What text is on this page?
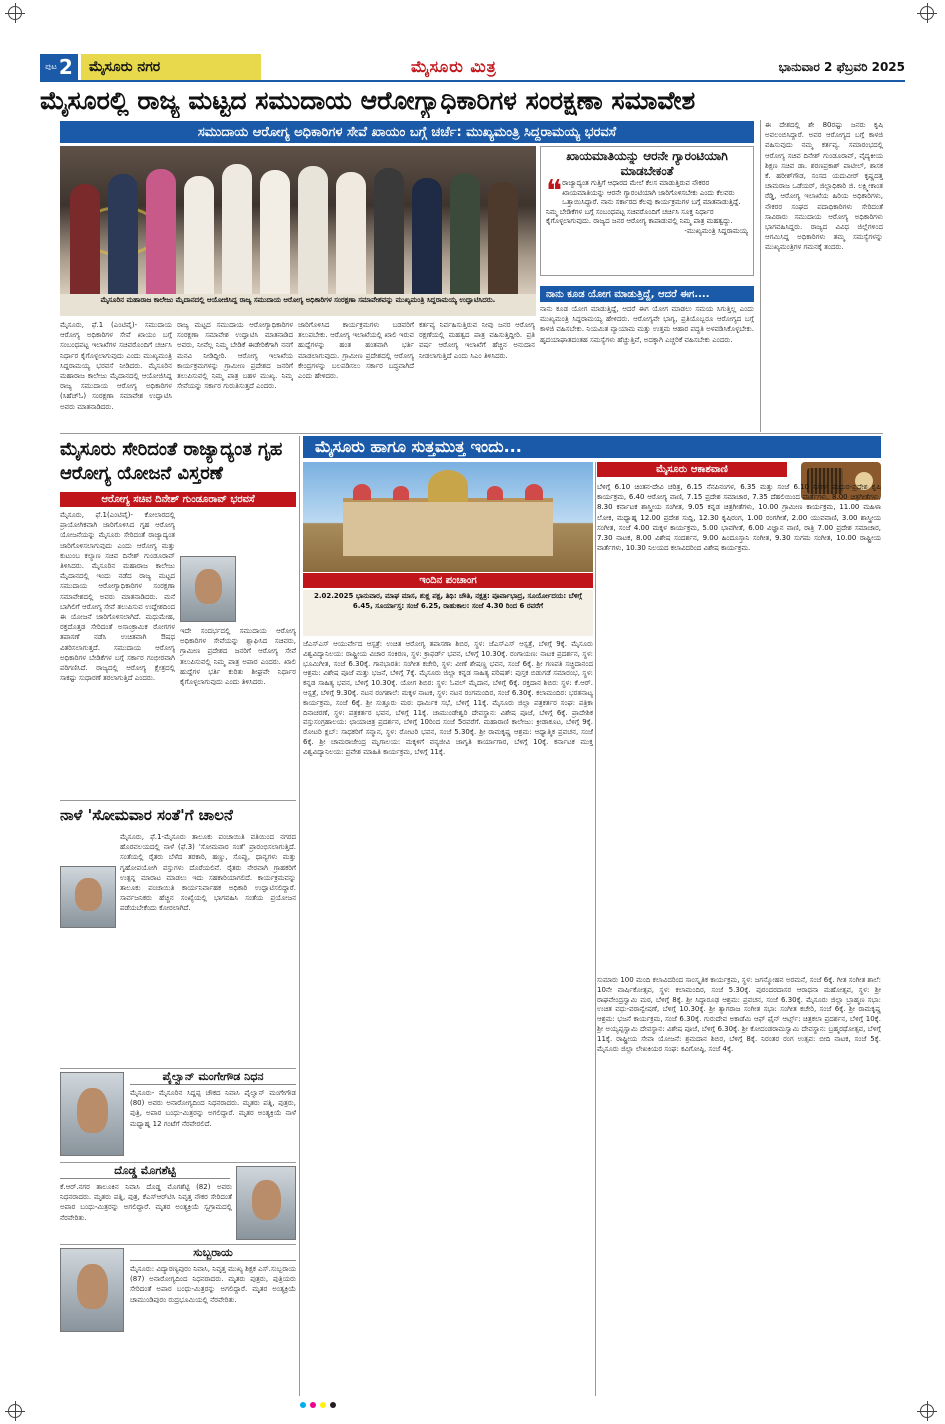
ಪುಟ 2	ಮೈಸೂರು ನಗರ	ಮೈಸೂರು ಮಿತ್ರ	ಭಾನುವಾರ 2 ಫೆಬ್ರವರಿ 2025
ಮೈಸೂರಲ್ಲಿ ರಾಜ್ಯ ಮಟ್ಟದ ಸಮುದಾಯ ಆರೋಗ್ಯಾಧಿಕಾರಿಗಳ ಸಂರಕ್ಷಣಾ ಸಮಾವೇಶ
ಸಮುದಾಯ ಆರೋಗ್ಯ ಅಧಿಕಾರಿಗಳ ಸೇವೆ ಖಾಯಂ ಬಗ್ಗೆ ಚರ್ಚೆ: ಮುಖ್ಯಮಂತ್ರಿ ಸಿದ್ದರಾಮಯ್ಯ ಭರವಸೆ
ಮೈಸೂರಿನ ಮಹಾರಾಜ ಕಾಲೇಜು ಮೈದಾನದಲ್ಲಿ ಆಯೋಜಿಸಿದ್ದ ರಾಜ್ಯ ಸಮುದಾಯ ಆರೋಗ್ಯ ಅಧಿಕಾರಿಗಳ ಸಂರಕ್ಷಣಾ ಸಮಾವೇಶವನ್ನು ಮುಖ್ಯಮಂತ್ರಿ ಸಿದ್ದರಾಮಯ್ಯ ಉದ್ಘಾಟಿಸಿದರು.
ಖಾಯಮಾತಿಯನ್ನು ಆರನೇ ಗ್ಯಾರಂಟಿಯಾಗಿ ಮಾಡಬೇಕಂತೆ
❝ ರಾಜ್ಯಾದ್ಯಂತ ಗುತ್ತಿಗೆ ಆಧಾರದ ಮೇಲೆ ಕೆಲಸ ಮಾಡುತ್ತಿರುವ ನೌಕರರ ಖಾಯಮಾತಿಯನ್ನು ಆರನೇ ಗ್ಯಾರಂಟಿಯಾಗಿ ಜಾರಿಗೊಳಿಸಬೇಕು ಎಂದು ಕೆಲವರು ಒತ್ತಾಯಿಸಿದ್ದಾರೆ. ನಾನು ಸರ್ಕಾರದ ಕೆಲವು ಕಾರ್ಯಕ್ರಮಗಳ ಬಗ್ಗೆ ಮಾತನಾಡುತ್ತಿದ್ದೆ. ನಿಮ್ಮ ಬೇಡಿಕೆಗಳ ಬಗ್ಗೆ ಸಂಬಂಧಪಟ್ಟ ಸಚಿವರೊಂದಿಗೆ ಚರ್ಚಿಸಿ ಸೂಕ್ತ ನಿರ್ಧಾರ ಕೈಗೊಳ್ಳಲಾಗುವುದು. ರಾಜ್ಯದ ಜನರ ಆರೋಗ್ಯ ಕಾಪಾಡುವಲ್ಲಿ ನಿಮ್ಮ ಪಾತ್ರ ಮಹತ್ವದ್ದು.
-ಮುಖ್ಯಮಂತ್ರಿ ಸಿದ್ದರಾಮಯ್ಯ
ನಾನು ಕೂಡ ಯೋಗ ಮಾಡುತ್ತಿದ್ದೆ, ಆದರೆ ಈಗ....
ನಾನು ಕೂಡ ಯೋಗ ಮಾಡುತ್ತಿದ್ದೆ, ಆದರೆ ಈಗ ಯೋಗ ಮಾಡಲು ಸಮಯ ಸಿಗುತ್ತಿಲ್ಲ ಎಂದು ಮುಖ್ಯಮಂತ್ರಿ ಸಿದ್ದರಾಮಯ್ಯ ಹೇಳಿದರು. ಆರೋಗ್ಯವೇ ಭಾಗ್ಯ, ಪ್ರತಿಯೊಬ್ಬರೂ ಆರೋಗ್ಯದ ಬಗ್ಗೆ ಕಾಳಜಿ ವಹಿಸಬೇಕು. ನಿಯಮಿತ ವ್ಯಾಯಾಮ ಮತ್ತು ಉತ್ತಮ ಆಹಾರ ಪದ್ಧತಿ ಅಳವಡಿಸಿಕೊಳ್ಳಬೇಕು. ಹೃದಯಾಘಾತದಂತಹ ಸಮಸ್ಯೆಗಳು ಹೆಚ್ಚುತ್ತಿವೆ, ಅದಕ್ಕಾಗಿ ಎಚ್ಚರಿಕೆ ವಹಿಸಬೇಕು ಎಂದರು.
ಮೈಸೂರು, ಫೆ.1 (ಎಂಟಿವೈ)- ಸಮುದಾಯ ಆರೋಗ್ಯ ಅಧಿಕಾರಿಗಳ ಸೇವೆ ಖಾಯಂ ಬಗ್ಗೆ ಸಂಬಂಧಪಟ್ಟ ಇಲಾಖೆಗಳ ಸಚಿವರೊಂದಿಗೆ ಚರ್ಚಿಸಿ ನಿರ್ಧಾರ ಕೈಗೊಳ್ಳಲಾಗುವುದು ಎಂದು ಮುಖ್ಯಮಂತ್ರಿ ಸಿದ್ದರಾಮಯ್ಯ ಭರವಸೆ ನೀಡಿದರು. ಮೈಸೂರಿನ ಮಹಾರಾಜ ಕಾಲೇಜು ಮೈದಾನದಲ್ಲಿ ಆಯೋಜಿಸಿದ್ದ ರಾಜ್ಯ ಸಮುದಾಯ ಆರೋಗ್ಯ ಅಧಿಕಾರಿಗಳ (ಸಿಹೆಚ್‌ಓ) ಸಂರಕ್ಷಣಾ ಸಮಾವೇಶ ಉದ್ಘಾಟಿಸಿ ಅವರು ಮಾತನಾಡಿದರು.
ರಾಜ್ಯ ಮಟ್ಟದ ಸಮುದಾಯ ಆರೋಗ್ಯಾಧಿಕಾರಿಗಳ ಸಂರಕ್ಷಣಾ ಸಮಾವೇಶ ಉದ್ಘಾಟಿಸಿ ಮಾತನಾಡಿದ ಅವರು, ನೀವೆಲ್ಲ ನಿಮ್ಮ ಬೇಡಿಕೆ ಈಡೇರಿಕೆಗಾಗಿ ನನಗೆ ಮನವಿ ನೀಡಿದ್ದೀರಿ. ಆರೋಗ್ಯ ಇಲಾಖೆಯ ಕಾರ್ಯಕ್ರಮಗಳನ್ನು ಗ್ರಾಮೀಣ ಪ್ರದೇಶದ ಜನರಿಗೆ ತಲುಪಿಸುವಲ್ಲಿ ನಿಮ್ಮ ಪಾತ್ರ ಬಹಳ ಮುಖ್ಯ. ನಿಮ್ಮ ಸೇವೆಯನ್ನು ಸರ್ಕಾರ ಗುರುತಿಸುತ್ತದೆ ಎಂದರು.
ಜಾರಿಗೊಳಿಸಿದ ಕಾರ್ಯಕ್ರಮಗಳು ಬಡವರಿಗೆ ತಲುಪಬೇಕು. ಆರೋಗ್ಯ ಇಲಾಖೆಯಲ್ಲಿ ಖಾಲಿ ಇರುವ ಹುದ್ದೆಗಳನ್ನು ಹಂತ ಹಂತವಾಗಿ ಭರ್ತಿ ಮಾಡಲಾಗುವುದು. ಗ್ರಾಮೀಣ ಪ್ರದೇಶದಲ್ಲಿ ಆರೋಗ್ಯ ಕೇಂದ್ರಗಳನ್ನು ಬಲಪಡಿಸಲು ಸರ್ಕಾರ ಬದ್ಧವಾಗಿದೆ ಎಂದು ಹೇಳಿದರು.
ಕರ್ತವ್ಯ ನಿರ್ವಹಿಸುತ್ತಿರುವ ನೀವು ಜನರ ಆರೋಗ್ಯ ರಕ್ಷಣೆಯಲ್ಲಿ ಮಹತ್ವದ ಪಾತ್ರ ವಹಿಸುತ್ತಿದ್ದೀರಿ. ಪ್ರತಿ ವರ್ಷ ಆರೋಗ್ಯ ಇಲಾಖೆಗೆ ಹೆಚ್ಚಿನ ಅನುದಾನ ನೀಡಲಾಗುತ್ತಿದೆ ಎಂದು ಸಿಎಂ ತಿಳಿಸಿದರು.
ಈ ದೇಶದಲ್ಲಿ ಶೇ 80ರಷ್ಟು ಜನರು ಕೃಷಿ ಅವಲಂಬಿಸಿದ್ದಾರೆ. ಅವರ ಆರೋಗ್ಯದ ಬಗ್ಗೆ ಕಾಳಜಿ ವಹಿಸುವುದು ನಮ್ಮ ಕರ್ತವ್ಯ. ಸಮಾರಂಭದಲ್ಲಿ ಆರೋಗ್ಯ ಸಚಿವ ದಿನೇಶ್ ಗುಂಡೂರಾವ್, ವೈದ್ಯಕೀಯ ಶಿಕ್ಷಣ ಸಚಿವ ಡಾ. ಶರಣಪ್ರಕಾಶ್ ಪಾಟೀಲ್, ಶಾಸಕ ಕೆ. ಹರೀಶ್‌ಗೌಡ, ಸಂಸದ ಯದುವೀರ್ ಕೃಷ್ಣದತ್ತ ಚಾಮರಾಜ ಒಡೆಯರ್, ಜಿಲ್ಲಾಧಿಕಾರಿ ಜಿ. ಲಕ್ಷ್ಮೀಕಾಂತ ರೆಡ್ಡಿ, ಆರೋಗ್ಯ ಇಲಾಖೆಯ ಹಿರಿಯ ಅಧಿಕಾರಿಗಳು, ನೌಕರರ ಸಂಘದ ಪದಾಧಿಕಾರಿಗಳು ಸೇರಿದಂತೆ ಸಾವಿರಾರು ಸಮುದಾಯ ಆರೋಗ್ಯ ಅಧಿಕಾರಿಗಳು ಭಾಗವಹಿಸಿದ್ದರು. ರಾಜ್ಯದ ವಿವಿಧ ಜಿಲ್ಲೆಗಳಿಂದ ಆಗಮಿಸಿದ್ದ ಅಧಿಕಾರಿಗಳು ತಮ್ಮ ಸಮಸ್ಯೆಗಳನ್ನು ಮುಖ್ಯಮಂತ್ರಿಗಳ ಗಮನಕ್ಕೆ ತಂದರು.
ಮೈಸೂರು ಸೇರಿದಂತೆ ರಾಜ್ಯಾದ್ಯಂತ ಗೃಹ ಆರೋಗ್ಯ ಯೋಜನೆ ವಿಸ್ತರಣೆ
ಆರೋಗ್ಯ ಸಚಿವ ದಿನೇಶ್ ಗುಂಡೂರಾವ್ ಭರವಸೆ
ಮೈಸೂರು, ಫೆ.1(ಎಂಟಿವೈ)- ಕೋಲಾರದಲ್ಲಿ ಪ್ರಾಯೋಗಿಕವಾಗಿ ಜಾರಿಗೊಳಿಸಿದ ಗೃಹ ಆರೋಗ್ಯ ಯೋಜನೆಯನ್ನು ಮೈಸೂರು ಸೇರಿದಂತೆ ರಾಜ್ಯಾದ್ಯಂತ ಜಾರಿಗೊಳಿಸಲಾಗುವುದು ಎಂದು ಆರೋಗ್ಯ ಮತ್ತು ಕುಟುಂಬ ಕಲ್ಯಾಣ ಸಚಿವ ದಿನೇಶ್ ಗುಂಡೂರಾವ್ ತಿಳಿಸಿದರು. ಮೈಸೂರಿನ ಮಹಾರಾಜ ಕಾಲೇಜು ಮೈದಾನದಲ್ಲಿ ಇಂದು ನಡೆದ ರಾಜ್ಯ ಮಟ್ಟದ ಸಮುದಾಯ ಆರೋಗ್ಯಾಧಿಕಾರಿಗಳ ಸಂರಕ್ಷಣಾ ಸಮಾವೇಶದಲ್ಲಿ ಅವರು ಮಾತನಾಡಿದರು. ಮನೆ ಬಾಗಿಲಿಗೆ ಆರೋಗ್ಯ ಸೇವೆ ತಲುಪಿಸುವ ಉದ್ದೇಶದಿಂದ ಈ ಯೋಜನೆ ಜಾರಿಗೊಳಿಸಲಾಗಿದೆ. ಮಧುಮೇಹ, ರಕ್ತದೊತ್ತಡ ಸೇರಿದಂತೆ ಅಸಾಂಕ್ರಾಮಿಕ ರೋಗಗಳ ತಪಾಸಣೆ ನಡೆಸಿ ಉಚಿತವಾಗಿ ಔಷಧ ವಿತರಿಸಲಾಗುತ್ತದೆ. ಸಮುದಾಯ ಆರೋಗ್ಯ ಅಧಿಕಾರಿಗಳ ಬೇಡಿಕೆಗಳ ಬಗ್ಗೆ ಸರ್ಕಾರ ಗಂಭೀರವಾಗಿ ಪರಿಗಣಿಸಿದೆ. ರಾಜ್ಯದಲ್ಲಿ ಆರೋಗ್ಯ ಕ್ಷೇತ್ರದಲ್ಲಿ ಸಾಕಷ್ಟು ಸುಧಾರಣೆ ತರಲಾಗುತ್ತಿದೆ ಎಂದರು.
ಇದೇ ಸಂದರ್ಭದಲ್ಲಿ ಸಮುದಾಯ ಆರೋಗ್ಯ ಅಧಿಕಾರಿಗಳ ಸೇವೆಯನ್ನು ಶ್ಲಾಘಿಸಿದ ಸಚಿವರು, ಗ್ರಾಮೀಣ ಪ್ರದೇಶದ ಜನರಿಗೆ ಆರೋಗ್ಯ ಸೇವೆ ತಲುಪಿಸುವಲ್ಲಿ ನಿಮ್ಮ ಪಾತ್ರ ಅಪಾರ ಎಂದರು. ಖಾಲಿ ಹುದ್ದೆಗಳ ಭರ್ತಿ ಕುರಿತು ಶೀಘ್ರವೇ ನಿರ್ಧಾರ ಕೈಗೊಳ್ಳಲಾಗುವುದು ಎಂದು ತಿಳಿಸಿದರು.
ನಾಳೆ 'ಸೋಮವಾರ ಸಂತೆ'ಗೆ ಚಾಲನೆ
ಮೈಸೂರು, ಫೆ.1-ಮೈಸೂರು ತಾಲೂಕು ಪಂಚಾಯಿತಿ ವತಿಯಿಂದ ನಗರದ ಹೊರವಲಯದಲ್ಲಿ ನಾಳೆ (ಫೆ.3) 'ಸೋಮವಾರ ಸಂತೆ' ಪ್ರಾರಂಭಿಸಲಾಗುತ್ತಿದೆ. ಸಂತೆಯಲ್ಲಿ ರೈತರು ಬೆಳೆದ ತರಕಾರಿ, ಹಣ್ಣು, ಸೊಪ್ಪು, ಧಾನ್ಯಗಳು ಮತ್ತು ಗೃಹೋಪಯೋಗಿ ವಸ್ತುಗಳು ದೊರೆಯಲಿವೆ. ರೈತರು ನೇರವಾಗಿ ಗ್ರಾಹಕರಿಗೆ ಉತ್ಪನ್ನ ಮಾರಾಟ ಮಾಡಲು ಇದು ಸಹಕಾರಿಯಾಗಲಿದೆ. ಕಾರ್ಯಕ್ರಮವನ್ನು ತಾಲೂಕು ಪಂಚಾಯಿತಿ ಕಾರ್ಯನಿರ್ವಾಹಕ ಅಧಿಕಾರಿ ಉದ್ಘಾಟಿಸಲಿದ್ದಾರೆ. ಸಾರ್ವಜನಿಕರು ಹೆಚ್ಚಿನ ಸಂಖ್ಯೆಯಲ್ಲಿ ಭಾಗವಹಿಸಿ ಸಂತೆಯ ಪ್ರಯೋಜನ ಪಡೆಯಬೇಕೆಂದು ಕೋರಲಾಗಿದೆ.
ಪೈಲ್ವಾನ್ ಮಂಗೇಗೌಡ ನಿಧನ
ಮೈಸೂರು- ಮೈಸೂರಿನ ಸಿದ್ದಪ್ಪ ಚೌಕದ ನಿವಾಸಿ ಪೈಲ್ವಾನ್ ಮಂಗೇಗೌಡ (80) ಅವರು ಅನಾರೋಗ್ಯದಿಂದ ನಿಧನರಾದರು. ಮೃತರು ಪತ್ನಿ, ಪುತ್ರರು, ಪುತ್ರಿ, ಅಪಾರ ಬಂಧು-ಮಿತ್ರರನ್ನು ಅಗಲಿದ್ದಾರೆ. ಮೃತರ ಅಂತ್ಯಕ್ರಿಯೆ ನಾಳೆ ಮಧ್ಯಾಹ್ನ 12 ಗಂಟೆಗೆ ನೆರವೇರಲಿದೆ.
ದೊಡ್ಡ ಮೊಗಶೆಟ್ಟಿ
ಕೆ.ಆರ್.ನಗರ ತಾಲೂಕಿನ ನಿವಾಸಿ ದೊಡ್ಡ ಮೊಗಶೆಟ್ಟಿ (82) ಅವರು ನಿಧನರಾದರು. ಮೃತರು ಪತ್ನಿ, ಪುತ್ರ, ಕೆಎಸ್‌ಆರ್‌ಟಿಸಿ ನಿವೃತ್ತ ನೌಕರ ಸೇರಿದಂತೆ ಅಪಾರ ಬಂಧು-ಮಿತ್ರರನ್ನು ಅಗಲಿದ್ದಾರೆ. ಮೃತರ ಅಂತ್ಯಕ್ರಿಯೆ ಸ್ವಗ್ರಾಮದಲ್ಲಿ ನೆರವೇರಿತು.
ಸುಬ್ಬರಾಯ
ಮೈಸೂರು: ವಿದ್ಯಾರಣ್ಯಪುರಂ ನಿವಾಸಿ, ನಿವೃತ್ತ ಮುಖ್ಯ ಶಿಕ್ಷಕ ಎಸ್.ಸುಬ್ಬರಾಯ (87) ಅನಾರೋಗ್ಯದಿಂದ ನಿಧನರಾದರು. ಮೃತರು ಪುತ್ರರು, ಪುತ್ರಿಯರು ಸೇರಿದಂತೆ ಅಪಾರ ಬಂಧು-ಮಿತ್ರರನ್ನು ಅಗಲಿದ್ದಾರೆ. ಮೃತರ ಅಂತ್ಯಕ್ರಿಯೆ ಚಾಮುಂಡಿಪುರಂ ರುದ್ರಭೂಮಿಯಲ್ಲಿ ನೆರವೇರಿತು.
ಮೈಸೂರು ಹಾಗೂ ಸುತ್ತಮುತ್ತ ಇಂದು...
ಇಂದಿನ ಪಂಚಾಂಗ
2.02.2025 ಭಾನುವಾರ, ಮಾಘ ಮಾಸ, ಶುಕ್ಲ ಪಕ್ಷ, ತಿಥಿ: ಚೌತಿ, ನಕ್ಷತ್ರ: ಪೂರ್ವಾಭಾದ್ರ, ಸೂರ್ಯೋದಯ: ಬೆಳಿಗ್ಗೆ 6.45, ಸೂರ್ಯಾಸ್ತ: ಸಂಜೆ 6.25, ರಾಹುಕಾಲ: ಸಂಜೆ 4.30 ರಿಂದ 6 ರವರೆಗೆ
ಮೈಸೂರು ಆಕಾಶವಾಣಿ
ಬೆಳಿಗ್ಗೆ 6.10 ಚಿಂತನ-ದೇವಿ ಚರಿತ್ರ, 6.15 ನೆನಪಿನಂಗಳ, 6.35 ಮತ್ತು ಸಂಜೆ 6.10 ನಿಸರ್ಗ ಮಧುರ-ಪ್ರದೇಶ ಕೃಷಿ ಕಾರ್ಯಕ್ರಮ, 6.40 ಆರೋಗ್ಯ ವಾಣಿ, 7.15 ಪ್ರದೇಶ ಸಮಾಚಾರ, 7.35 ದೆಹಲಿಯಿಂದ ವಾರ್ತೆಗಳು, 8.00 ಚಿತ್ರಗೀತೆಗಳು, 8.30 ಕರ್ನಾಟಕ ಶಾಸ್ತ್ರೀಯ ಸಂಗೀತ, 9.05 ಕನ್ನಡ ಚಿತ್ರಗೀತೆಗಳು, 10.00 ಗ್ರಾಮೀಣ ಕಾರ್ಯಕ್ರಮ, 11.00 ಮಹಿಳಾ ಲೋಕ, ಮಧ್ಯಾಹ್ನ 12.00 ಪ್ರದೇಶ ಸುದ್ದಿ, 12.30 ಕೃಷಿರಂಗ, 1.00 ರಂಗಗೀತೆ, 2.00 ಯುವವಾಣಿ, 3.00 ಶಾಸ್ತ್ರೀಯ ಸಂಗೀತ, ಸಂಜೆ 4.00 ಮಕ್ಕಳ ಕಾರ್ಯಕ್ರಮ, 5.00 ಭಾವಗೀತೆ, 6.00 ವಿಜ್ಞಾನ ವಾಣಿ, ರಾತ್ರಿ 7.00 ಪ್ರದೇಶ ಸಮಾಚಾರ, 7.30 ನಾಟಕ, 8.00 ವಿಶೇಷ ಸಂದರ್ಶನ, 9.00 ಹಿಂದೂಸ್ತಾನಿ ಸಂಗೀತ, 9.30 ಸುಗಮ ಸಂಗೀತ, 10.00 ರಾಷ್ಟ್ರೀಯ ವಾರ್ತೆಗಳು, 10.30 ನಿಲಯದ ಕಲಾವಿದರಿಂದ ವಿಶೇಷ ಕಾರ್ಯಕ್ರಮ.
ಜೆಎಸ್‌ಎಸ್ ಆಯುರ್ವೇದ ಆಸ್ಪತ್ರೆ: ಉಚಿತ ಆರೋಗ್ಯ ತಪಾಸಣಾ ಶಿಬಿರ, ಸ್ಥಳ: ಜೆಎಸ್‌ಎಸ್ ಆಸ್ಪತ್ರೆ, ಬೆಳಿಗ್ಗೆ 9ಕ್ಕೆ. ಮೈಸೂರು ವಿಶ್ವವಿದ್ಯಾನಿಲಯ: ರಾಷ್ಟ್ರೀಯ ವಿಚಾರ ಸಂಕಿರಣ, ಸ್ಥಳ: ಕ್ರಾಫರ್ಡ್ ಭವನ, ಬೆಳಿಗ್ಗೆ 10.30ಕ್ಕೆ. ರಂಗಾಯಣ: ನಾಟಕ ಪ್ರದರ್ಶನ, ಸ್ಥಳ: ಭೂಮಿಗೀತ, ಸಂಜೆ 6.30ಕ್ಕೆ. ಗಾನಭಾರತಿ: ಸಂಗೀತ ಕಚೇರಿ, ಸ್ಥಳ: ವೀಣೆ ಶೇಷಣ್ಣ ಭವನ, ಸಂಜೆ 6ಕ್ಕೆ. ಶ್ರೀ ಗಣಪತಿ ಸಚ್ಚಿದಾನಂದ ಆಶ್ರಮ: ವಿಶೇಷ ಪೂಜೆ ಮತ್ತು ಭಜನೆ, ಬೆಳಿಗ್ಗೆ 7ಕ್ಕೆ. ಮೈಸೂರು ಜಿಲ್ಲಾ ಕನ್ನಡ ಸಾಹಿತ್ಯ ಪರಿಷತ್: ಪುಸ್ತಕ ಬಿಡುಗಡೆ ಸಮಾರಂಭ, ಸ್ಥಳ: ಕನ್ನಡ ಸಾಹಿತ್ಯ ಭವನ, ಬೆಳಿಗ್ಗೆ 10.30ಕ್ಕೆ. ಯೋಗ ಶಿಬಿರ: ಸ್ಥಳ: ಓವಲ್ ಮೈದಾನ, ಬೆಳಿಗ್ಗೆ 6ಕ್ಕೆ. ರಕ್ತದಾನ ಶಿಬಿರ: ಸ್ಥಳ: ಕೆ.ಆರ್. ಆಸ್ಪತ್ರೆ, ಬೆಳಿಗ್ಗೆ 9.30ಕ್ಕೆ. ನಟನ ರಂಗಶಾಲೆ: ಮಕ್ಕಳ ನಾಟಕ, ಸ್ಥಳ: ನಟನ ರಂಗಮಂದಿರ, ಸಂಜೆ 6.30ಕ್ಕೆ. ಕಲಾಮಂದಿರ: ಭರತನಾಟ್ಯ ಕಾರ್ಯಕ್ರಮ, ಸಂಜೆ 6ಕ್ಕೆ. ಶ್ರೀ ಸುತ್ತೂರು ಮಠ: ಧಾರ್ಮಿಕ ಸಭೆ, ಬೆಳಿಗ್ಗೆ 11ಕ್ಕೆ. ಮೈಸೂರು ಜಿಲ್ಲಾ ಪತ್ರಕರ್ತರ ಸಂಘ: ಪತ್ರಿಕಾ ದಿನಾಚರಣೆ, ಸ್ಥಳ: ಪತ್ರಕರ್ತರ ಭವನ, ಬೆಳಿಗ್ಗೆ 11ಕ್ಕೆ. ಚಾಮುಂಡೇಶ್ವರಿ ದೇವಸ್ಥಾನ: ವಿಶೇಷ ಪೂಜೆ, ಬೆಳಿಗ್ಗೆ 6ಕ್ಕೆ. ಪ್ರಾದೇಶಿಕ ವಸ್ತುಸಂಗ್ರಹಾಲಯ: ಛಾಯಾಚಿತ್ರ ಪ್ರದರ್ಶನ, ಬೆಳಿಗ್ಗೆ 10ರಿಂದ ಸಂಜೆ 5ರವರೆಗೆ. ಮಹಾರಾಣಿ ಕಾಲೇಜು: ಕ್ರೀಡಾಕೂಟ, ಬೆಳಿಗ್ಗೆ 9ಕ್ಕೆ. ರೋಟರಿ ಕ್ಲಬ್: ಸಾಧಕರಿಗೆ ಸನ್ಮಾನ, ಸ್ಥಳ: ರೋಟರಿ ಭವನ, ಸಂಜೆ 5.30ಕ್ಕೆ. ಶ್ರೀ ರಾಮಕೃಷ್ಣ ಆಶ್ರಮ: ಆಧ್ಯಾತ್ಮಿಕ ಪ್ರವಚನ, ಸಂಜೆ 6ಕ್ಕೆ. ಶ್ರೀ ಚಾಮರಾಜೇಂದ್ರ ಮೃಗಾಲಯ: ಮಕ್ಕಳಿಗೆ ವನ್ಯಜೀವಿ ಜಾಗೃತಿ ಕಾರ್ಯಾಗಾರ, ಬೆಳಿಗ್ಗೆ 10ಕ್ಕೆ. ಕರ್ನಾಟಕ ಮುಕ್ತ ವಿಶ್ವವಿದ್ಯಾನಿಲಯ: ಪ್ರವೇಶ ಮಾಹಿತಿ ಕಾರ್ಯಕ್ರಮ, ಬೆಳಿಗ್ಗೆ 11ಕ್ಕೆ.
ಸುಮಾರು 100 ಮಂದಿ ಕಲಾವಿದರಿಂದ ಸಾಂಸ್ಕೃತಿಕ ಕಾರ್ಯಕ್ರಮ, ಸ್ಥಳ: ಜಗನ್ಮೋಹನ ಅರಮನೆ, ಸಂಜೆ 6ಕ್ಕೆ. ಗೀತ ಸಂಗೀತ ಶಾಲೆ: 10ನೇ ವಾರ್ಷಿಕೋತ್ಸವ, ಸ್ಥಳ: ಕಲಾಮಂದಿರ, ಸಂಜೆ 5.30ಕ್ಕೆ. ಪುರಂದರದಾಸರ ಆರಾಧನಾ ಮಹೋತ್ಸವ, ಸ್ಥಳ: ಶ್ರೀ ರಾಘವೇಂದ್ರಸ್ವಾಮಿ ಮಠ, ಬೆಳಿಗ್ಗೆ 8ಕ್ಕೆ. ಶ್ರೀ ಸಿದ್ಧಾರೂಢ ಆಶ್ರಮ: ಪ್ರವಚನ, ಸಂಜೆ 6.30ಕ್ಕೆ. ಮೈಸೂರು ಜಿಲ್ಲಾ ಬ್ರಾಹ್ಮಣ ಸಭಾ: ಉಚಿತ ವಧು-ವರಾನ್ವೇಷಣೆ, ಬೆಳಿಗ್ಗೆ 10.30ಕ್ಕೆ. ಶ್ರೀ ತ್ಯಾಗರಾಜ ಸಂಗೀತ ಸಭಾ: ಸಂಗೀತ ಕಚೇರಿ, ಸಂಜೆ 6ಕ್ಕೆ. ಶ್ರೀ ರಾಮಕೃಷ್ಣ ಆಶ್ರಮ: ಭಜನೆ ಕಾರ್ಯಕ್ರಮ, ಸಂಜೆ 6.30ಕ್ಕೆ. ಗುರುದೇವ ಅಕಾಡೆಮಿ ಆಫ್ ಫೈನ್ ಆರ್ಟ್ಸ್: ಚಿತ್ರಕಲಾ ಪ್ರದರ್ಶನ, ಬೆಳಿಗ್ಗೆ 10ಕ್ಕೆ. ಶ್ರೀ ಅಯ್ಯಪ್ಪಸ್ವಾಮಿ ದೇವಸ್ಥಾನ: ವಿಶೇಷ ಪೂಜೆ, ಬೆಳಿಗ್ಗೆ 6.30ಕ್ಕೆ. ಶ್ರೀ ಕೋದಂಡರಾಮಸ್ವಾಮಿ ದೇವಸ್ಥಾನ: ಬ್ರಹ್ಮರಥೋತ್ಸವ, ಬೆಳಿಗ್ಗೆ 11ಕ್ಕೆ. ರಾಷ್ಟ್ರೀಯ ಸೇವಾ ಯೋಜನೆ: ಶ್ರಮದಾನ ಶಿಬಿರ, ಬೆಳಿಗ್ಗೆ 8ಕ್ಕೆ. ನಿರಂತರ ರಂಗ ಉತ್ಸವ: ಬೀದಿ ನಾಟಕ, ಸಂಜೆ 5ಕ್ಕೆ. ಮೈಸೂರು ಜಿಲ್ಲಾ ಲೇಖಕಿಯರ ಸಂಘ: ಕವಿಗೋಷ್ಠಿ, ಸಂಜೆ 4ಕ್ಕೆ.
